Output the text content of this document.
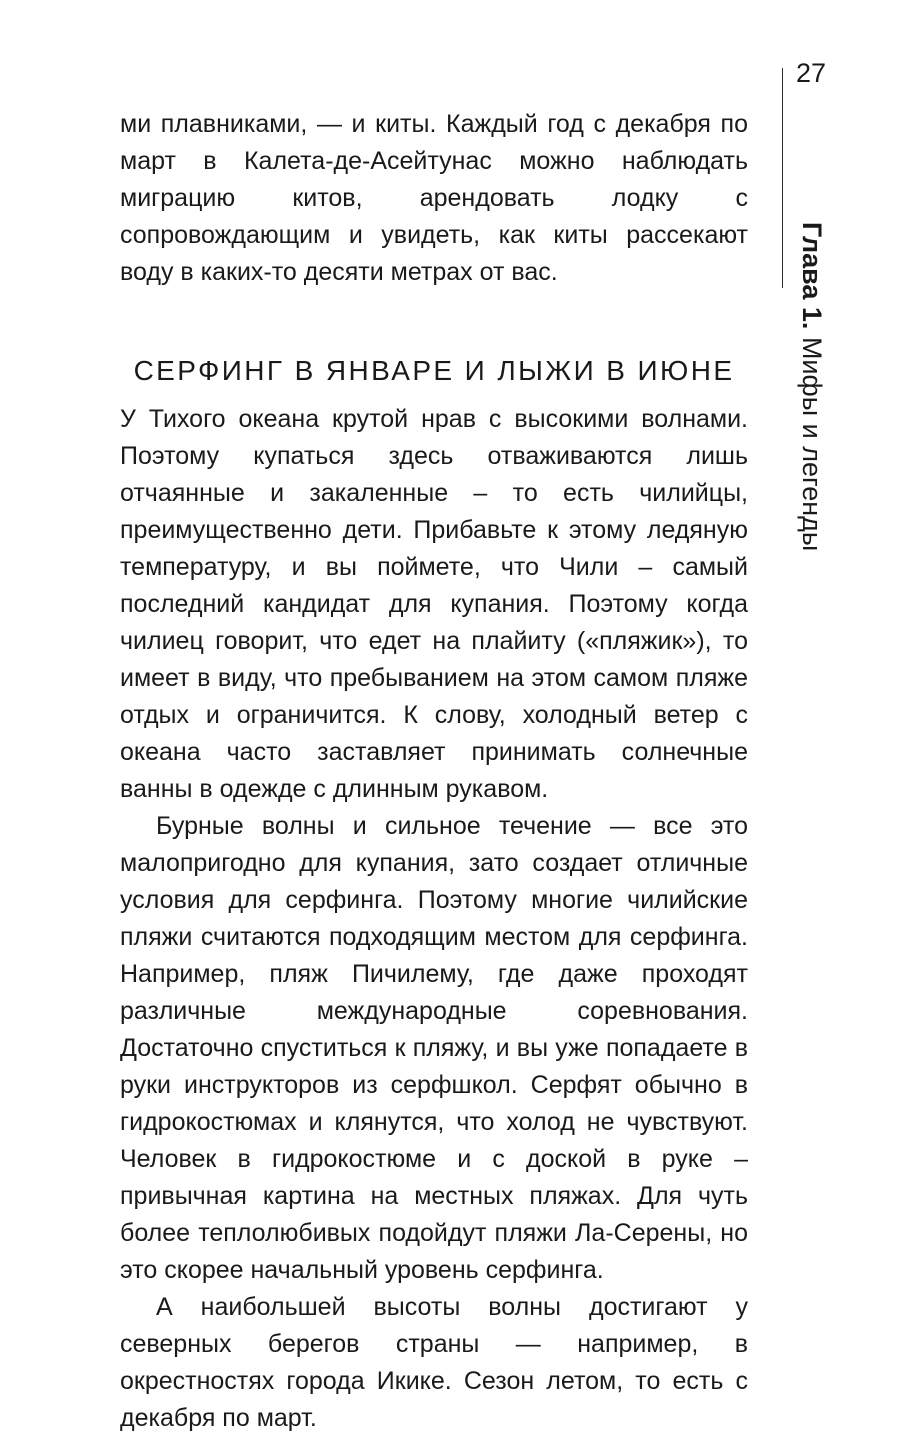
27
Глава 1. Мифы и легенды

ми плавниками, — и киты. Каждый год с декабря по март в Калета-де-Асейтунас можно наблюдать миграцию китов, арендовать лодку с сопровождающим и увидеть, как киты рассекают воду в каких-то десяти метрах от вас.

СЕРФИНГ В ЯНВАРЕ И ЛЫЖИ В ИЮНЕ

У Тихого океана крутой нрав с высокими волнами. Поэтому купаться здесь отваживаются лишь отчаянные и закаленные – то есть чилийцы, преимущественно дети. Прибавьте к этому ледяную температуру, и вы поймете, что Чили – самый последний кандидат для купания. Поэтому когда чилиец говорит, что едет на плайиту («пляжик»), то имеет в виду, что пребыванием на этом самом пляже отдых и ограничится. К слову, холодный ветер с океана часто заставляет принимать солнечные ванны в одежде с длинным рукавом.

Бурные волны и сильное течение — все это малопригодно для купания, зато создает отличные условия для серфинга. Поэтому многие чилийские пляжи считаются подходящим местом для серфинга. Например, пляж Пичилему, где даже проходят различные международные соревнования. Достаточно спуститься к пляжу, и вы уже попадаете в руки инструкторов из серфшкол. Серфят обычно в гидрокостюмах и клянутся, что холод не чувствуют. Человек в гидрокостюме и с доской в руке – привычная картина на местных пляжах. Для чуть более теплолюбивых подойдут пляжи Ла-Серены, но это скорее начальный уровень серфинга.

А наибольшей высоты волны достигают у северных берегов страны — например, в окрестностях города Икике. Сезон летом, то есть с декабря по март.
